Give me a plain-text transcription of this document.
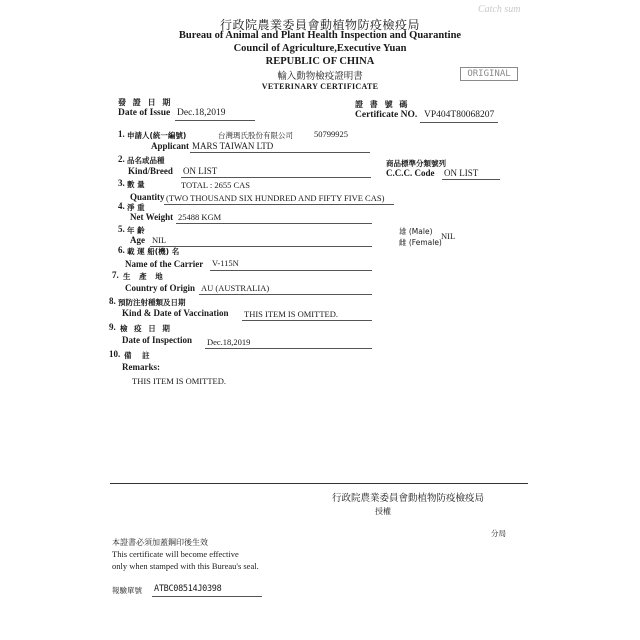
Catch sum
行政院農業委員會動植物防疫檢疫局
Bureau of Animal and Plant Health Inspection and Quarantine
Council of Agriculture,Executive Yuan
REPUBLIC OF CHINA
輸入動物檢疫證明書
VETERINARY CERTIFICATE
ORIGINAL
發 證 日 期
Date of Issue Dec.18,2019
證 書 號 碼
Certificate NO. VP404T80068207
1. 申請人(統一編號)	台灣瑪氏股份有限公司 50799925
Applicant MARS TAIWAN LTD
2. 品名或品種
Kind/Breed ON LIST
商品標準分類號列
C.C.C. Code ON LIST
3. 數 量	TOTAL : 2655 CAS
Quantity (TWO THOUSAND SIX HUNDRED AND FIFTY FIVE CAS)
4. 淨 重
Net Weight 25488 KGM
5. 年 齡
Age NIL
雄 (Male)
雌 (Female)
NIL
6. 載 運 船(機) 名
Name of the Carrier V-115N
7. 生 產 地
Country of Origin AU (AUSTRALIA)
8. 預防注射種類及日期
Kind & Date of Vaccination THIS ITEM IS OMITTED.
9. 檢 疫 日 期
Date of Inspection Dec.18,2019
10. 備 註
Remarks:
THIS ITEM IS OMITTED.
行政院農業委員會動植物防疫檢疫局
授權
分局
本證書必須加蓋鋼印後生效
This certificate will become effective
only when stamped with this Bureau's seal.
報驗單號 ATBC08514J0398
